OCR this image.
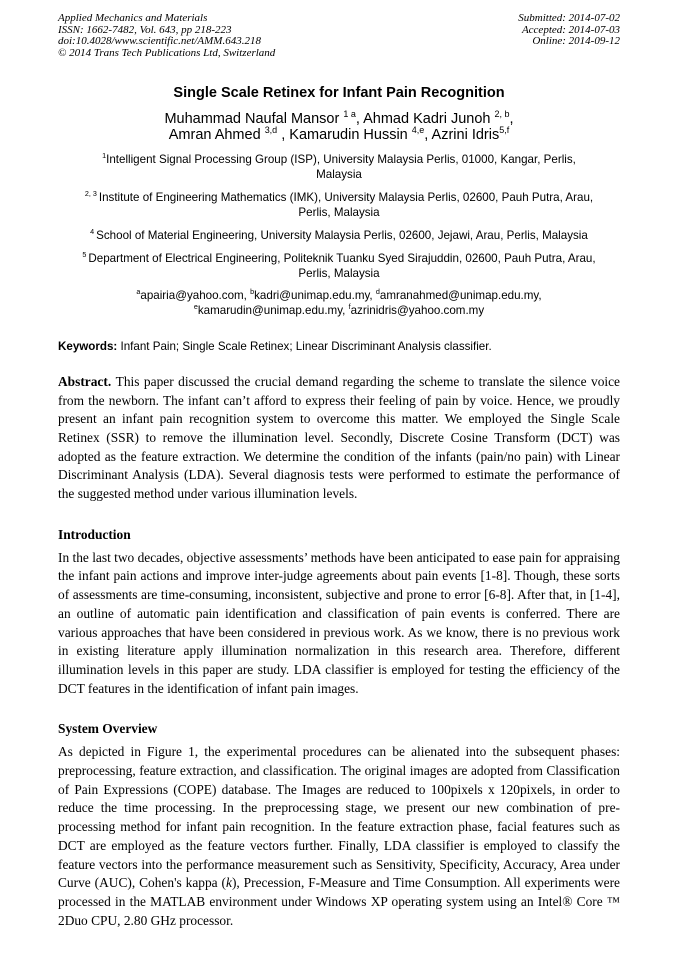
Applied Mechanics and Materials
ISSN: 1662-7482, Vol. 643, pp 218-223
doi:10.4028/www.scientific.net/AMM.643.218
© 2014 Trans Tech Publications Ltd, Switzerland
Submitted: 2014-07-02
Accepted: 2014-07-03
Online: 2014-09-12
Single Scale Retinex for Infant Pain Recognition
Muhammad Naufal Mansor $^{1 a}$, Ahmad Kadri Junoh $^{2, b}$,
Amran Ahmed $^{3,d}$ , Kamarudin Hussin $^{4,e}$, Azrini Idris$^{5,f}$

$^1$Intelligent Signal Processing Group (ISP), University Malaysia Perlis, 01000, Kangar, Perlis,
Malaysia

$^{2, 3}$ Institute of Engineering Mathematics (IMK), University Malaysia Perlis, 02600, Pauh Putra, Arau,
Perlis, Malaysia

$^4$ School of Material Engineering, University Malaysia Perlis, 02600, Jejawi, Arau, Perlis, Malaysia

$^5$ Department of Electrical Engineering, Politeknik Tuanku Syed Sirajuddin, 02600, Pauh Putra, Arau,
Perlis, Malaysia

$^a$apairia@yahoo.com, $^b$kadri@unimap.edu.my, $^d$amranahmed@unimap.edu.my,
$^e$kamarudin@unimap.edu.my, $^f$azrinidris@yahoo.com.my

Keywords: Infant Pain; Single Scale Retinex; Linear Discriminant Analysis classifier.

Abstract. This paper discussed the crucial demand regarding the scheme to translate the silence voice from the newborn. The infant can’t afford to express their feeling of pain by voice. Hence, we proudly present an infant pain recognition system to overcome this matter. We employed the Single Scale Retinex (SSR) to remove the illumination level. Secondly, Discrete Cosine Transform (DCT) was adopted as the feature extraction. We determine the condition of the infants (pain/no pain) with Linear Discriminant Analysis (LDA). Several diagnosis tests were performed to estimate the performance of the suggested method under various illumination levels.

Introduction

In the last two decades, objective assessments’ methods have been anticipated to ease pain for appraising the infant pain actions and improve inter-judge agreements about pain events [1-8]. Though, these sorts of assessments are time-consuming, inconsistent, subjective and prone to error [6-8]. After that, in [1-4], an outline of automatic pain identification and classification of pain events is conferred. There are various approaches that have been considered in previous work. As we know, there is no previous work in existing literature apply illumination normalization in this research area. Therefore, different illumination levels in this paper are study. LDA classifier is employed for testing the efficiency of the DCT features in the identification of infant pain images.

System Overview

As depicted in Figure 1, the experimental procedures can be alienated into the subsequent phases: preprocessing, feature extraction, and classification. The original images are adopted from Classification of Pain Expressions (COPE) database. The Images are reduced to 100pixels x 120pixels, in order to reduce the time processing. In the preprocessing stage, we present our new combination of pre-processing method for infant pain recognition. In the feature extraction phase, facial features such as DCT are employed as the feature vectors further. Finally, LDA classifier is employed to classify the feature vectors into the performance measurement such as Sensitivity, Specificity, Accuracy, Area under Curve (AUC), Cohen's kappa (k), Precession, F-Measure and Time Consumption. All experiments were processed in the MATLAB environment under Windows XP operating system using an Intel® Core ™ 2Duo CPU, 2.80 GHz processor.
